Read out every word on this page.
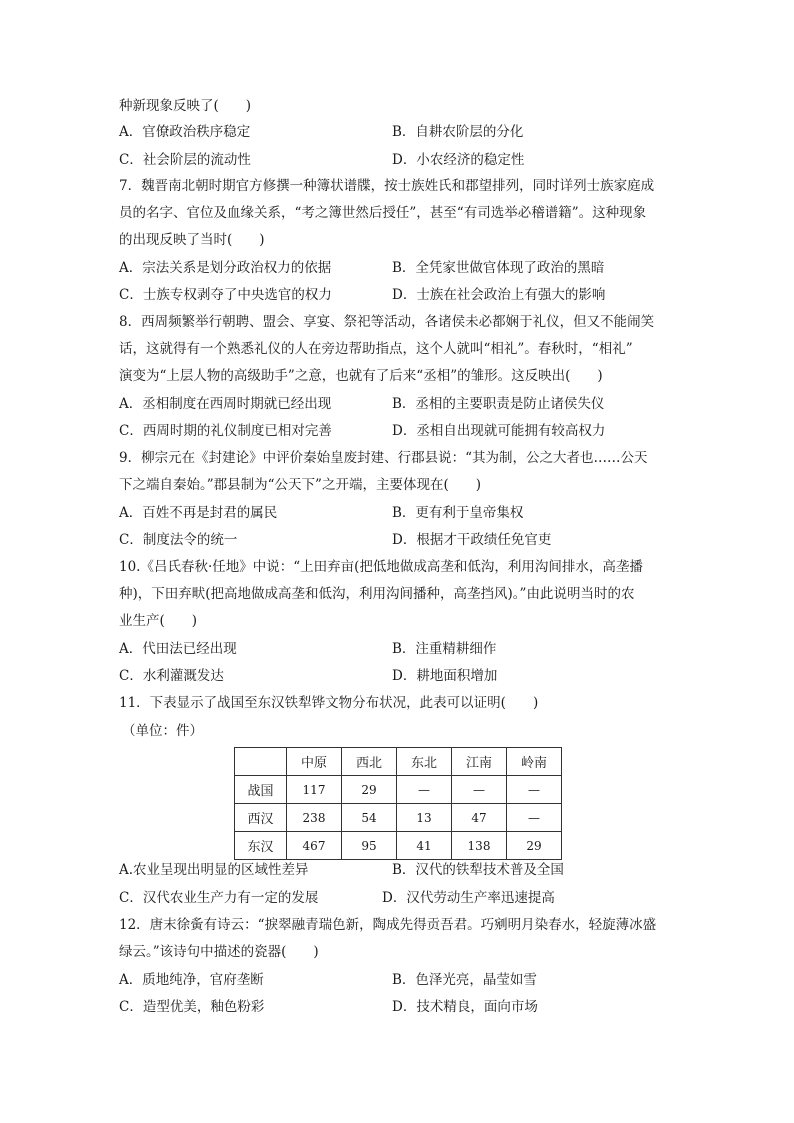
种新现象反映了(　　)
A．官僚政治秩序稳定	B．自耕农阶层的分化
C．社会阶层的流动性	D．小农经济的稳定性
7．魏晋南北朝时期官方修撰一种簿状谱牒，按士族姓氏和郡望排列，同时详列士族家庭成
员的名字、官位及血缘关系，“考之簿世然后授任”，甚至“有司选举必稽谱籍”。这种现象
的出现反映了当时(　　)
A．宗法关系是划分政治权力的依据	B．全凭家世做官体现了政治的黑暗
C．士族专权剥夺了中央选官的权力	D．士族在社会政治上有强大的影响
8．西周频繁举行朝聘、盟会、享宴、祭祀等活动，各诸侯未必都娴于礼仪，但又不能闹笑
话，这就得有一个熟悉礼仪的人在旁边帮助指点，这个人就叫“相礼”。春秋时，“相礼”
演变为“上层人物的高级助手”之意，也就有了后来“丞相”的雏形。这反映出(　　)
A．丞相制度在西周时期就已经出现	B．丞相的主要职责是防止诸侯失仪
C．西周时期的礼仪制度已相对完善	D．丞相自出现就可能拥有较高权力
9．柳宗元在《封建论》中评价秦始皇废封建、行郡县说：“其为制，公之大者也……公天
下之端自秦始。”郡县制为“公天下”之开端，主要体现在(　　)
A．百姓不再是封君的属民	B．更有利于皇帝集权
C．制度法令的统一	D．根据才干政绩任免官吏
10.《吕氏春秋·任地》中说：“上田弃亩(把低地做成高垄和低沟，利用沟间排水，高垄播
种)，下田弃畎(把高地做成高垄和低沟，利用沟间播种，高垄挡风)。”由此说明当时的农
业生产(　　)
A．代田法已经出现	B．注重精耕细作
C．水利灌溉发达	D．耕地面积增加
11．下表显示了战国至东汉铁犁铧文物分布状况，此表可以证明(　　)
（单位：件）
	中原	西北	东北	江南	岭南
战国	117	29	—	—	—
西汉	238	54	13	47	—
东汉	467	95	41	138	29
A.农业呈现出明显的区域性差异	B．汉代的铁犁技术普及全国
C．汉代农业生产力有一定的发展	D．汉代劳动生产率迅速提高
12．唐末徐夤有诗云：“捩翠融青瑞色新，陶成先得贡吾君。巧剜明月染春水，轻旋薄冰盛
绿云。”该诗句中描述的瓷器(　　)
A．质地纯净，官府垄断	B．色泽光亮，晶莹如雪
C．造型优美，釉色粉彩	D．技术精良，面向市场
